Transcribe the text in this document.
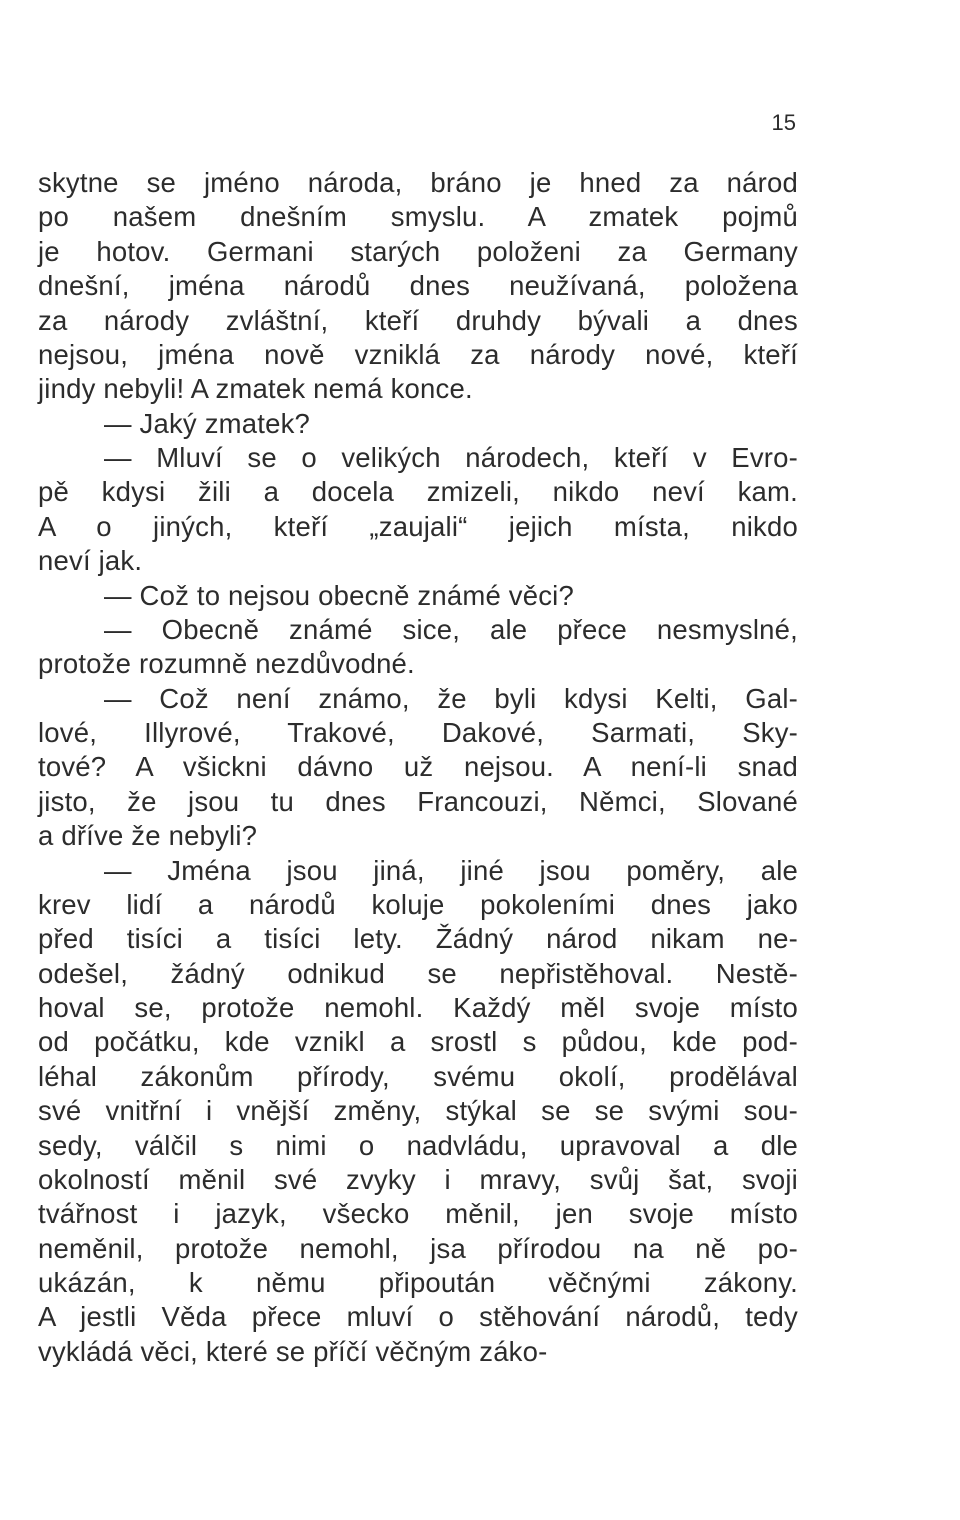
15
skytne se jméno národa, bráno je hned za národ
po našem dnešním smyslu. A zmatek pojmů
je hotov. Germani starých položeni za Germany
dnešní, jména národů dnes neužívaná, položena
za národy zvláštní, kteří druhdy bývali a dnes
nejsou, jména nově vzniklá za národy nové, kteří
jindy nebyli! A zmatek nemá konce.
— Jaký zmatek?
— Mluví se o velikých národech, kteří v Evro-
pě kdysi žili a docela zmizeli, nikdo neví kam.
A o jiných, kteří „zaujali“ jejich místa, nikdo
neví jak.
— Což to nejsou obecně známé věci?
— Obecně známé sice, ale přece nesmyslné,
protože rozumně nezdůvodné.
— Což není známo, že byli kdysi Kelti, Gal-
lové, Illyrové, Trakové, Dakové, Sarmati, Sky-
tové? A všickni dávno už nejsou. A není-li snad
jisto, že jsou tu dnes Francouzi, Němci, Slované
a dříve že nebyli?
— Jména jsou jiná, jiné jsou poměry, ale
krev lidí a národů koluje pokoleními dnes jako
před tisíci a tisíci lety. Žádný národ nikam ne-
odešel, žádný odnikud se nepřistěhoval. Nestě-
hoval se, protože nemohl. Každý měl svoje místo
od počátku, kde vznikl a srostl s půdou, kde pod-
léhal zákonům přírody, svému okolí, prodělával
své vnitřní i vnější změny, stýkal se se svými sou-
sedy, válčil s nimi o nadvládu, upravoval a dle
okolností měnil své zvyky i mravy, svůj šat, svoji
tvářnost i jazyk, všecko měnil, jen svoje místo
neměnil, protože nemohl, jsa přírodou na ně po-
ukázán, k němu připoután věčnými zákony.
A jestli Věda přece mluví o stěhování národů, tedy
vykládá věci, které se příčí věčným záko-
